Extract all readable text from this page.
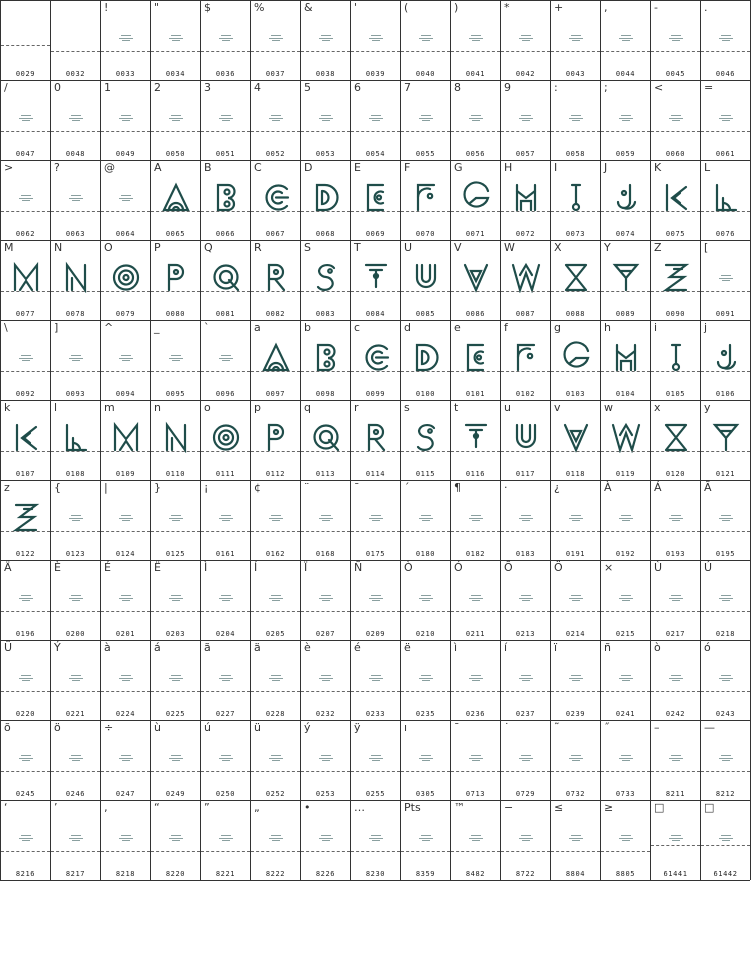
0029	0032
!
0033
"
0034
$
0036
%
0037
&
0038
'
0039
(
0040
)
0041
*
0042
+
0043
,
0044
-
0045
.
0046
/
0047
0
0048
1
0049
2
0050
3
0051
4
0052
5
0053
6
0054
7
0055
8
0056
9
0057
:
0058
;
0059
<
0060
=
0061
>
0062
?
0063
@
0064
A
0065
B
0066
C
0067
D
0068
E
0069
F
0070
G
0071
H
0072
I
0073
J
0074
K
0075
L
0076
M
0077
N
0078
O
0079
P
0080
Q
0081
R
0082
S
0083
T
0084
U
0085
V
0086
W
0087
X
0088
Y
0089
Z
0090
[
0091
\
0092
]
0093
^
0094
_
0095
`
0096
a
0097
b
0098
c
0099
d
0100
e
0101
f
0102
g
0103
h
0104
i
0105
j
0106
k
0107
l
0108
m
0109
n
0110
o
0111
p
0112
q
0113
r
0114
s
0115
t
0116
u
0117
v
0118
w
0119
x
0120
y
0121
z
0122
{
0123
|
0124
}
0125
¡
0161
¢
0162
¨
0168
¯
0175
´
0180
¶
0182
·
0183
¿
0191
À
0192
Á
0193
Ã
0195
Ä
0196
È
0200
É
0201
Ë
0203
Ì
0204
Í
0205
Ï
0207
Ñ
0209
Ò
0210
Ó
0211
Õ
0213
Ö
0214
×
0215
Ù
0217
Ú
0218
Ü
0220
Ý
0221
à
0224
á
0225
ã
0227
ä
0228
è
0232
é
0233
ë
0235
ì
0236
í
0237
ï
0239
ñ
0241
ò
0242
ó
0243
õ
0245
ö
0246
÷
0247
ù
0249
ú
0250
ü
0252
ý
0253
ÿ
0255
ı
0305
ˉ
0713
˙
0729
˜
0732
˝
0733
–
8211
—
8212
‘
8216
’
8217
‚
8218
“
8220
”
8221
„
8222
•
8226
…
8230
Pts
8359
™
8482
−
8722
≤
8804
≥
8805
□
61441
□
61442
